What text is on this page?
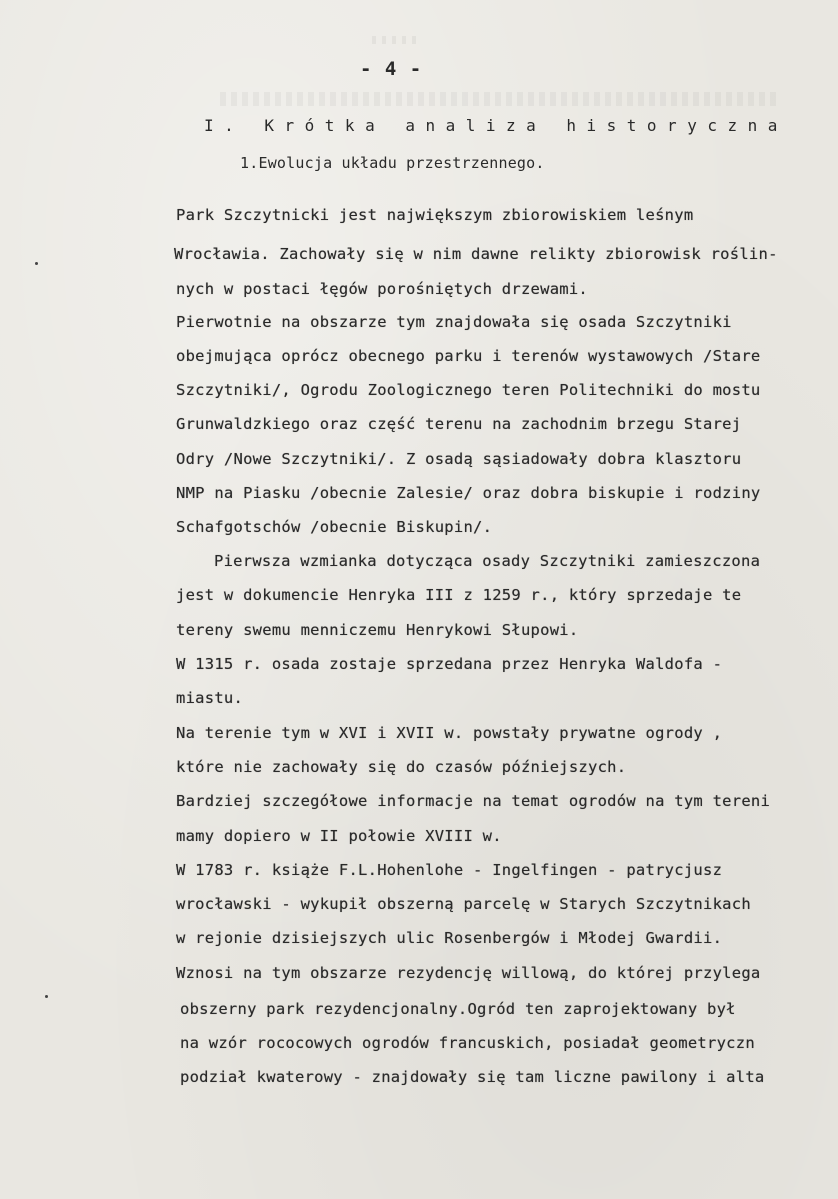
- 4 -
I. Krótka analiza historyczna
1.Ewolucja układu przestrzennego.
Park Szczytnicki jest największym zbiorowiskiem leśnym
Wrocławia. Zachowały się w nim dawne relikty zbiorowisk roślin-
nych w postaci łęgów porośniętych drzewami.
Pierwotnie na obszarze tym znajdowała się osada Szczytniki
obejmująca oprócz obecnego parku i terenów wystawowych /Stare
Szczytniki/, Ogrodu Zoologicznego teren Politechniki do mostu
Grunwaldzkiego oraz część terenu na zachodnim brzegu Starej
Odry /Nowe Szczytniki/. Z osadą sąsiadowały dobra klasztoru
NMP na Piasku /obecnie Zalesie/ oraz dobra biskupie i rodziny
Schafgotschów /obecnie Biskupin/.
Pierwsza wzmianka dotycząca osady Szczytniki zamieszczona
jest w dokumencie Henryka III z 1259 r., który sprzedaje te
tereny swemu menniczemu Henrykowi Słupowi.
W 1315 r. osada zostaje sprzedana przez Henryka Waldofa -
miastu.
Na terenie tym w XVI i XVII w. powstały prywatne ogrody ,
które nie zachowały się do czasów późniejszych.
Bardziej szczegółowe informacje na temat ogrodów na tym tereni
mamy dopiero w II połowie XVIII w.
W 1783 r. książe F.L.Hohenlohe - Ingelfingen - patrycjusz
wrocławski - wykupił obszerną parcelę w Starych Szczytnikach
w rejonie dzisiejszych ulic Rosenbergów i Młodej Gwardii.
Wznosi na tym obszarze rezydencję willową, do której przylega
obszerny park rezydencjonalny.Ogród ten zaprojektowany był
na wzór rococowych ogrodów francuskich, posiadał geometryczn
podział kwaterowy - znajdowały się tam liczne pawilony i alta
